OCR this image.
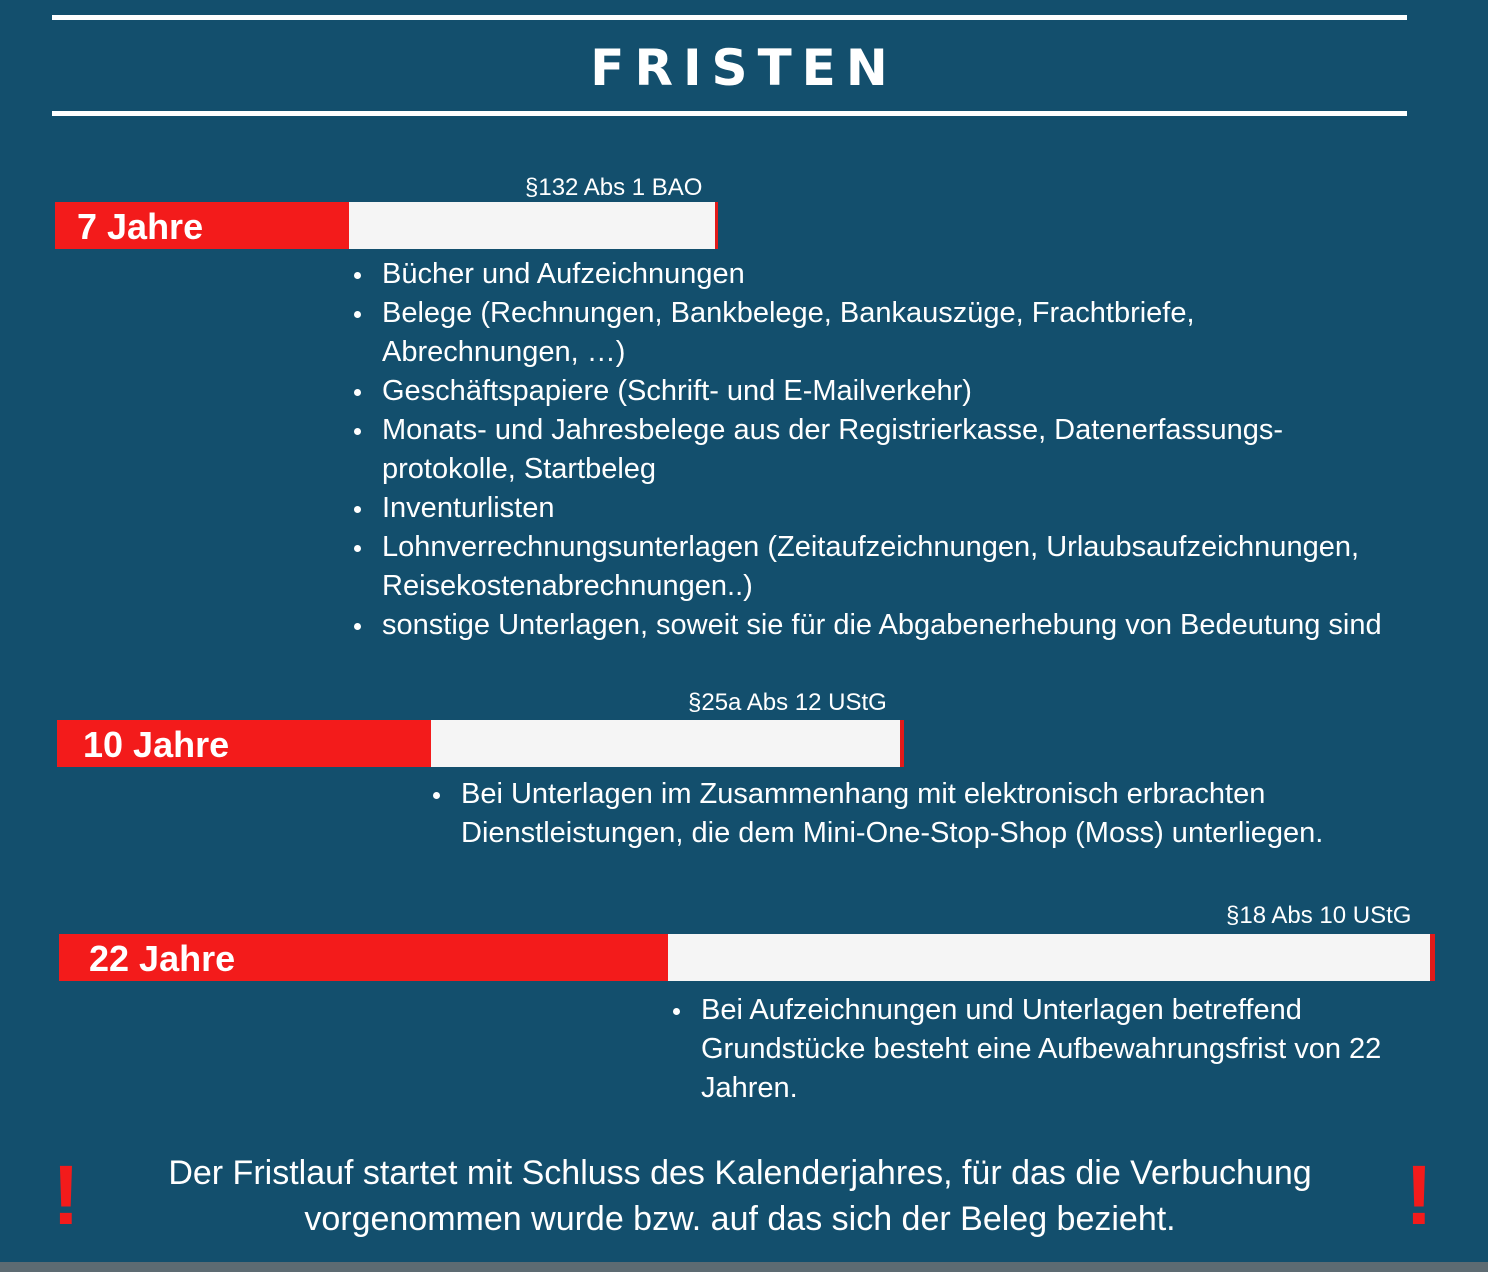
FRISTEN
§132 Abs 1 BAO
7 Jahre
Bücher und Aufzeichnungen
Belege (Rechnungen, Bankbelege, Bankauszüge, Frachtbriefe, Abrechnungen, …)
Geschäftspapiere (Schrift- und E-Mailverkehr)
Monats- und Jahresbelege aus der Registrierkasse, Datenerfassungs-protokolle, Startbeleg
Inventurlisten
Lohnverrechnungsunterlagen (Zeitaufzeichnungen, Urlaubsaufzeichnungen, Reisekostenabrechnungen..)
sonstige Unterlagen, soweit sie für die Abgabenerhebung von Bedeutung sind
§25a Abs 12 UStG
10 Jahre
Bei Unterlagen im Zusammenhang mit elektronisch erbrachten Dienstleistungen, die dem Mini-One-Stop-Shop (Moss) unterliegen.
§18 Abs 10 UStG
22 Jahre
Bei Aufzeichnungen und Unterlagen betreffend Grundstücke besteht eine Aufbewahrungsfrist von 22 Jahren.
!	Der Fristlauf startet mit Schluss des Kalenderjahres, für das die Verbuchung vorgenommen wurde bzw. auf das sich der Beleg bezieht.	!
